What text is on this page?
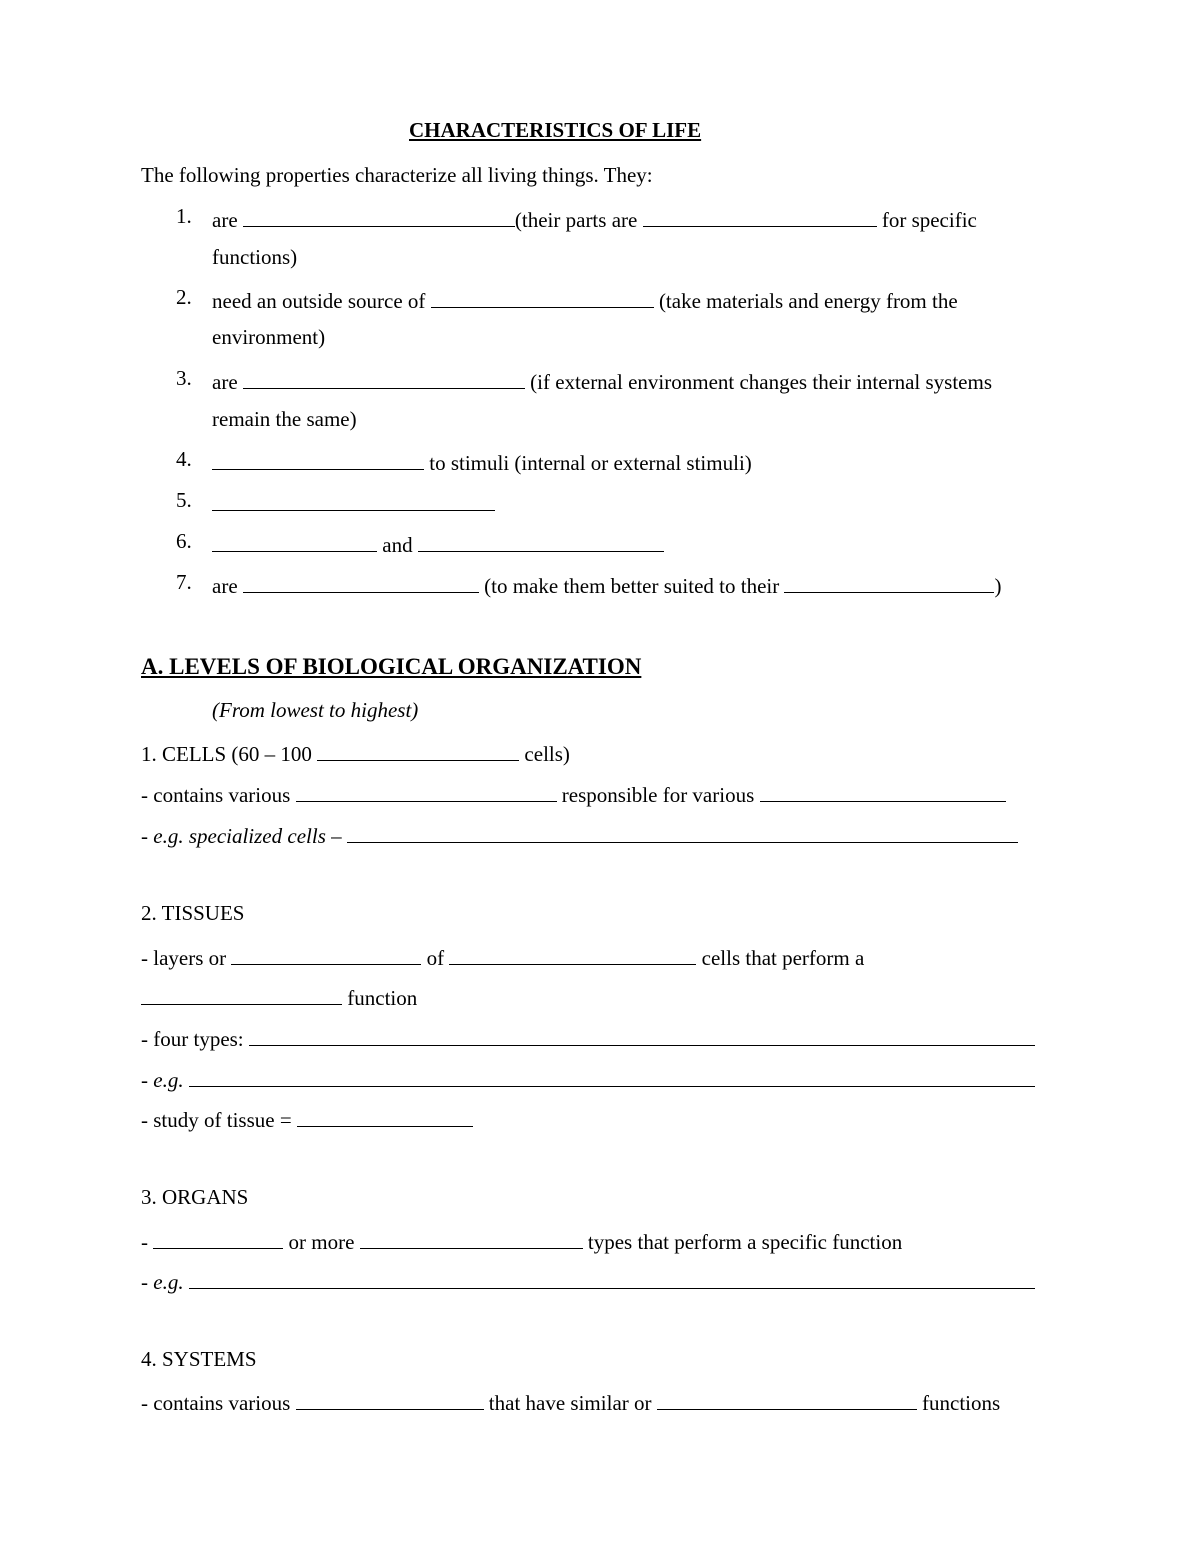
CHARACTERISTICS OF LIFE
The following properties characterize all living things. They:
1. are	(their parts are	for specific
functions)
2. need an outside source of	(take materials and energy from the
environment)
3. are	(if external environment changes their internal systems
remain the same)
4.	to stimuli (internal or external stimuli)
5.
6.	and
7. are	(to make them better suited to their	)
A. LEVELS OF BIOLOGICAL ORGANIZATION
(From lowest to highest)
1. CELLS (60 – 100	cells)
- contains various	responsible for various
- e.g. specialized cells –
2. TISSUES
- layers or	of	cells that perform a
function
- four types:
- e.g.
- study of tissue =
3. ORGANS
-	or more	types that perform a specific function
- e.g.
4. SYSTEMS
- contains various	that have similar or	functions
